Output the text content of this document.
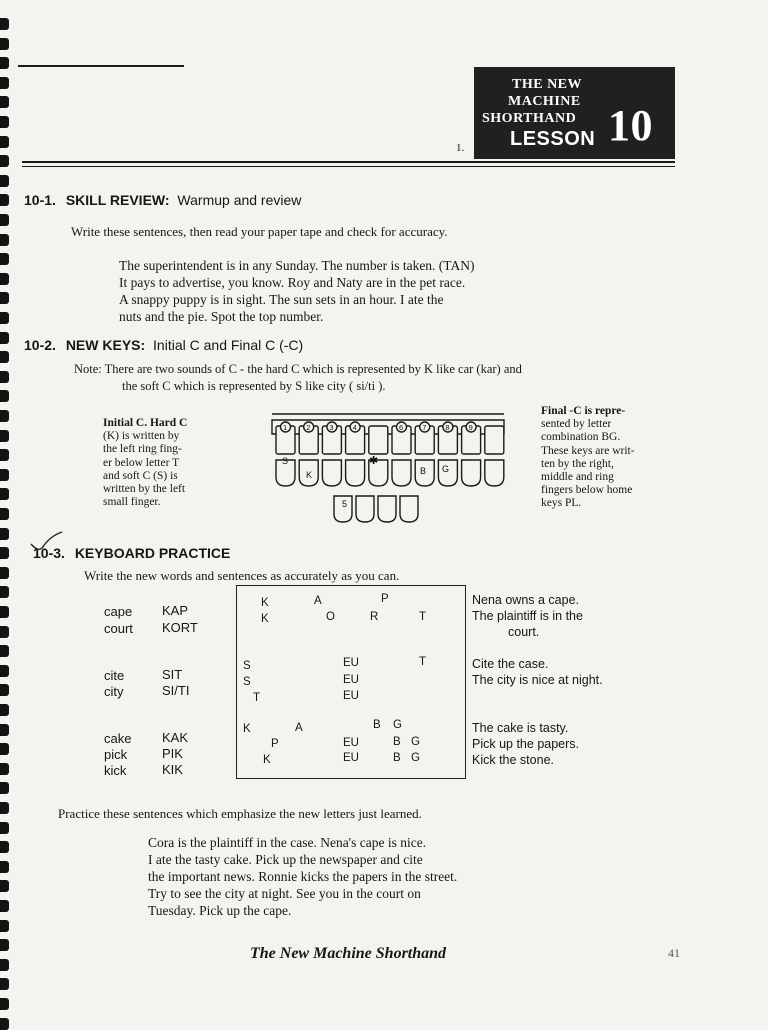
1.
THE NEW
MACHINE
SHORTHAND
LESSON 10
10-1. SKILL REVIEW: Warmup and review
Write these sentences, then read your paper tape and check for accuracy.
The superintendent is in any Sunday. The number is taken. (TAN)
It pays to advertise, you know. Roy and Naty are in the pet race.
A snappy puppy is in sight. The sun sets in an hour. I ate the
nuts and the pie. Spot the top number.
10-2. NEW KEYS: Initial C and Final C (-C)
Note: There are two sounds of C - the hard C which is represented by K like car (kar) and
the soft C which is represented by S like city ( si/ti ).
Initial C. Hard C
(K) is written by
the left ring fing-
er below letter T
and soft C (S) is
written by the left
small finger.
Final -C is repre-
sented by letter
combination BG.
These keys are writ-
ten by the right,
middle and ring
fingers below home
keys PL.
1	2	3	4	6	7	8	9
S
K	B G
5
✱
10-3. KEYBOARD PRACTICE
Write the new words and sentences as accurately as you can.
cape KAP
court KORT
cite	SIT
city	SI/TI
cake KAK
pick	PIK
kick	KIK
K	A	P
K	O	R	T
S	EU	T
S	EU
T	EU
K	A	B G
P	EU	B G
K	EU	B G
Nena owns a cape.
The plaintiff is in the
court.
Cite the case.
The city is nice at night.
The cake is tasty.
Pick up the papers.
Kick the stone.
Practice these sentences which emphasize the new letters just learned.
Cora is the plaintiff in the case. Nena's cape is nice.
I ate the tasty cake. Pick up the newspaper and cite
the important news. Ronnie kicks the papers in the street.
Try to see the city at night. See you in the court on
Tuesday. Pick up the cape.
The New Machine Shorthand	41
